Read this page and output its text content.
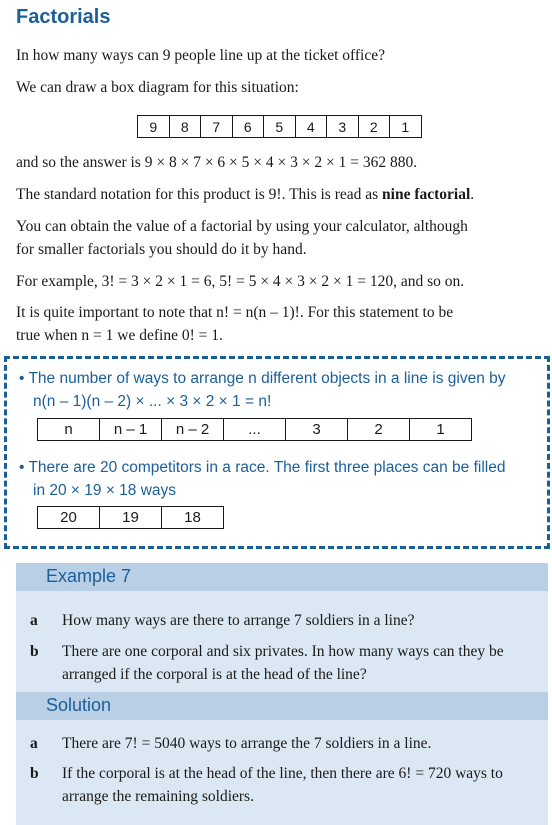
Factorials
In how many ways can 9 people line up at the ticket office?
We can draw a box diagram for this situation:
9	8	7	6	5	4	3	2	1
and so the answer is 9 × 8 × 7 × 6 × 5 × 4 × 3 × 2 × 1 = 362 880.
The standard notation for this product is 9!. This is read as nine factorial.
You can obtain the value of a factorial by using your calculator, although
for smaller factorials you should do it by hand.
For example, 3! = 3 × 2 × 1 = 6, 5! = 5 × 4 × 3 × 2 × 1 = 120, and so on.
It is quite important to note that n! = n(n – 1)!. For this statement to be
true when n = 1 we define 0! = 1.
• The number of ways to arrange n different objects in a line is given by
n(n – 1)(n – 2) × ... × 3 × 2 × 1 = n!
n	n – 1	n – 2	...	3	2	1
• There are 20 competitors in a race. The first three places can be filled
in 20 × 19 × 18 ways
20	19	18
Example 7
a How many ways are there to arrange 7 soldiers in a line?
b There are one corporal and six privates. In how many ways can they be arranged if the corporal is at the head of the line?
Solution
a There are 7! = 5040 ways to arrange the 7 soldiers in a line.
b If the corporal is at the head of the line, then there are 6! = 720 ways to arrange the remaining soldiers.
